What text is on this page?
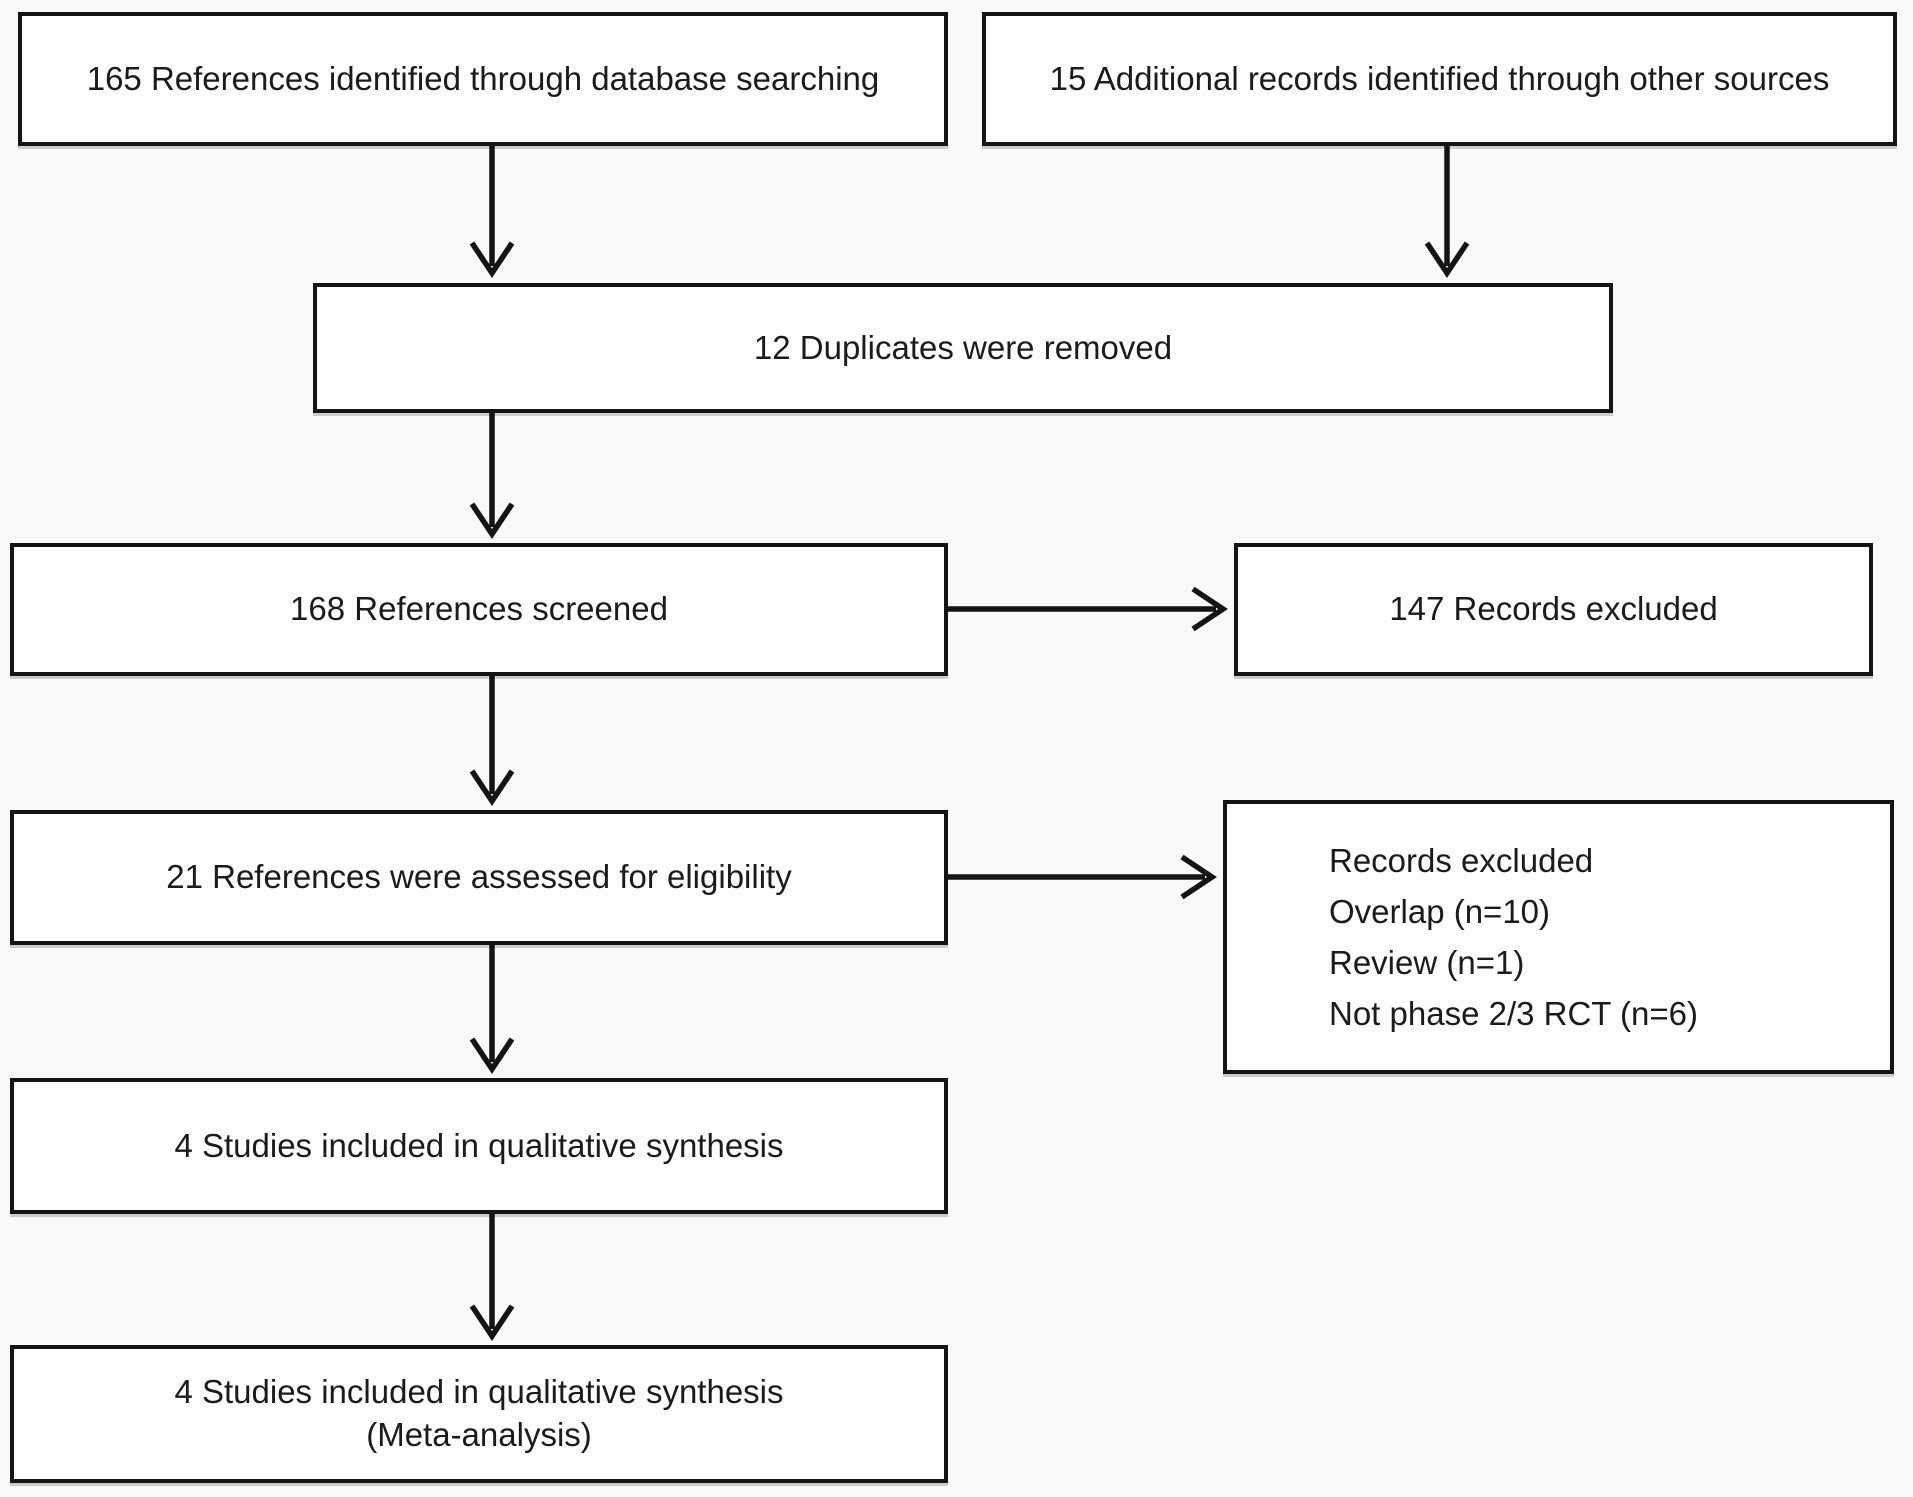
165 References identified through database searching	15 Additional records identified through other sources
12 Duplicates were removed
168 References screened	147 Records excluded
21 References were assessed for eligibility	Records excluded
Overlap (n=10)
Review (n=1)
Not phase 2/3 RCT (n=6)
4 Studies included in qualitative synthesis
4 Studies included in qualitative synthesis
(Meta-analysis)
